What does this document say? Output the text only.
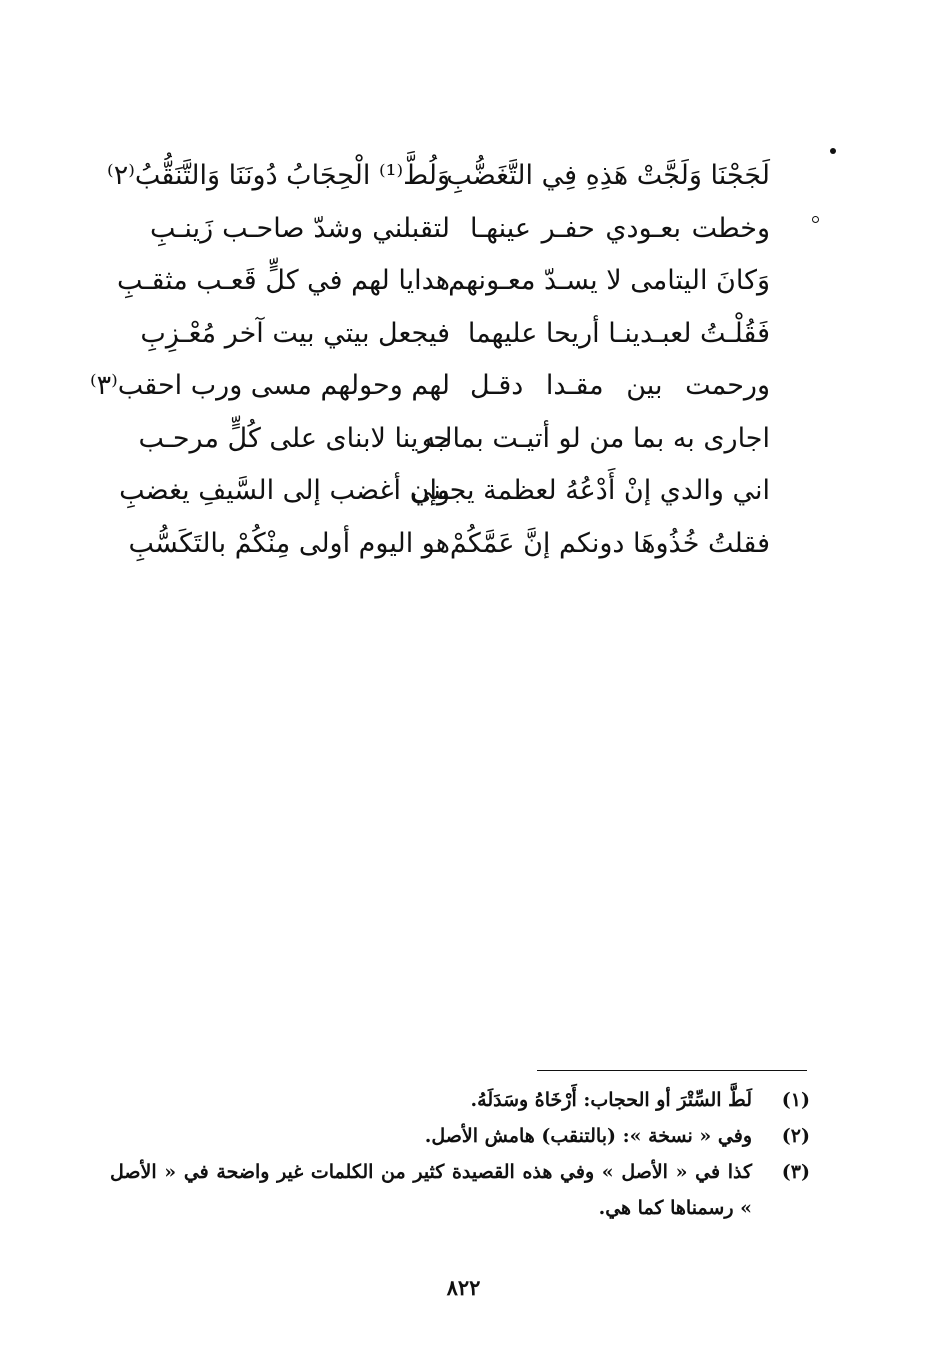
لَجَجْنَا وَلَجَّتْ هَذِهِ فِي التَّغَضُّبِ
وَلُطَّ⁽¹⁾ الْحِجَابُ دُونَنَا وَالتَّنَقُّبُ⁽٢⁾
وخطت بعـودي حفـر عينهـا
لتقبلني وشدّ صاحـب زَينـبِ
وَكانَ اليتامى لا يسـدّ معـونهم
هدايا لهم في كلٍّ قَعـب مثقـبِ
فَقُلْـتُ لعبـدينـا أريحا عليهما
فيجعل بيتي بيت آخر مُعْـزِبِ
ورحمت بين مقـدا دقـل
لهم وحولهم مسى ورب احقب⁽٣⁾
اجارى به بما من لو أتيـت بمالـه
جرينا لابناى على كُلٍّ مرحـب
اني والدي إنْ أَدْعُهُ لعظمة يجبني
وإن أغضب إلى السَّيفِ يغضبِ
فقلتُ خُذُوهَا دونكم إنَّ عَمَّكُمْ
هو اليوم أولى مِنْكُمْ بالتَكَسُّبِ
(١)
لَطَّ السِّتْرَ أو الحجاب: أَرْخَاهُ وسَدَلَهُ.
(٢)
وفي « نسخة »: (بالتنقب) هامش الأصل.
(٣)
كذا في « الأصل » وفي هذه القصيدة كثير من الكلمات غير واضحة في « الأصل » رسمناها كما هي.
٨٢٢
